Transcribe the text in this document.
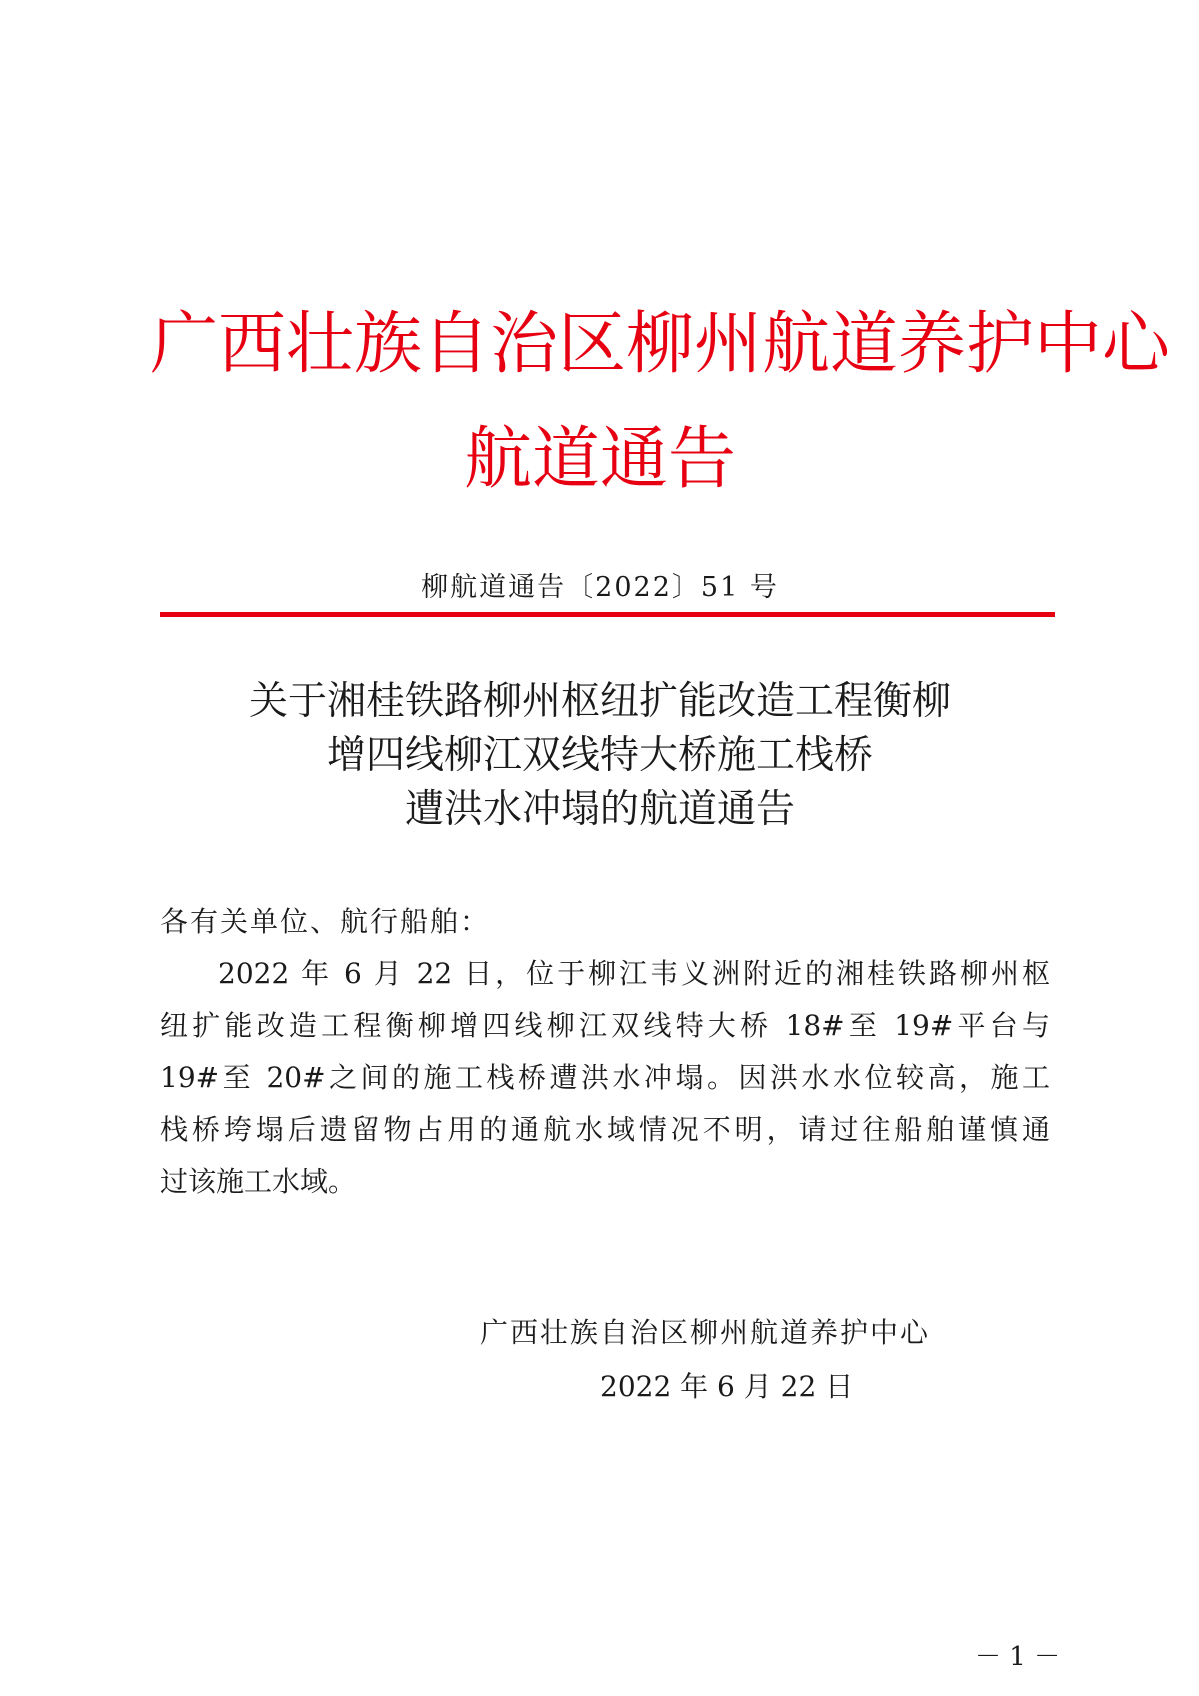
广西壮族自治区柳州航道养护中心
航道通告
柳航道通告〔2022〕51 号
关于湘桂铁路柳州枢纽扩能改造工程衡柳
增四线柳江双线特大桥施工栈桥
遭洪水冲塌的航道通告
各有关单位、航行船舶：
2022 年 6 月 22 日，位于柳江韦义洲附近的湘桂铁路柳州枢
纽扩能改造工程衡柳增四线柳江双线特大桥 18#至 19#平台与
19#至 20#之间的施工栈桥遭洪水冲塌。因洪水水位较高，施工
栈桥垮塌后遗留物占用的通航水域情况不明，请过往船舶谨慎通
过该施工水域。
广西壮族自治区柳州航道养护中心
2022 年 6 月 22 日
－ 1 －
